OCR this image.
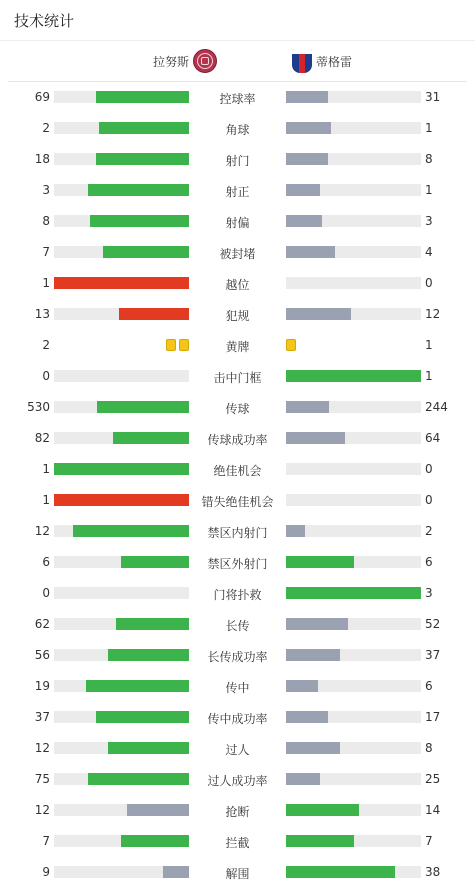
技术统计
拉努斯	蒂格雷
69	控球率	31
2	角球	1
18	射门	8
3	射正	1
8	射偏	3
7	被封堵	4
1	越位	0
13	犯规	12
2	黄牌	1
0	击中门框	1
530	传球	244
82	传球成功率	64
1	绝佳机会	0
1	错失绝佳机会	0
12	禁区内射门	2
6	禁区外射门	6
0	门将扑救	3
62	长传	52
56	长传成功率	37
19	传中	6
37	传中成功率	17
12	过人	8
75	过人成功率	25
12	抢断	14
7	拦截	7
9	解围	38
